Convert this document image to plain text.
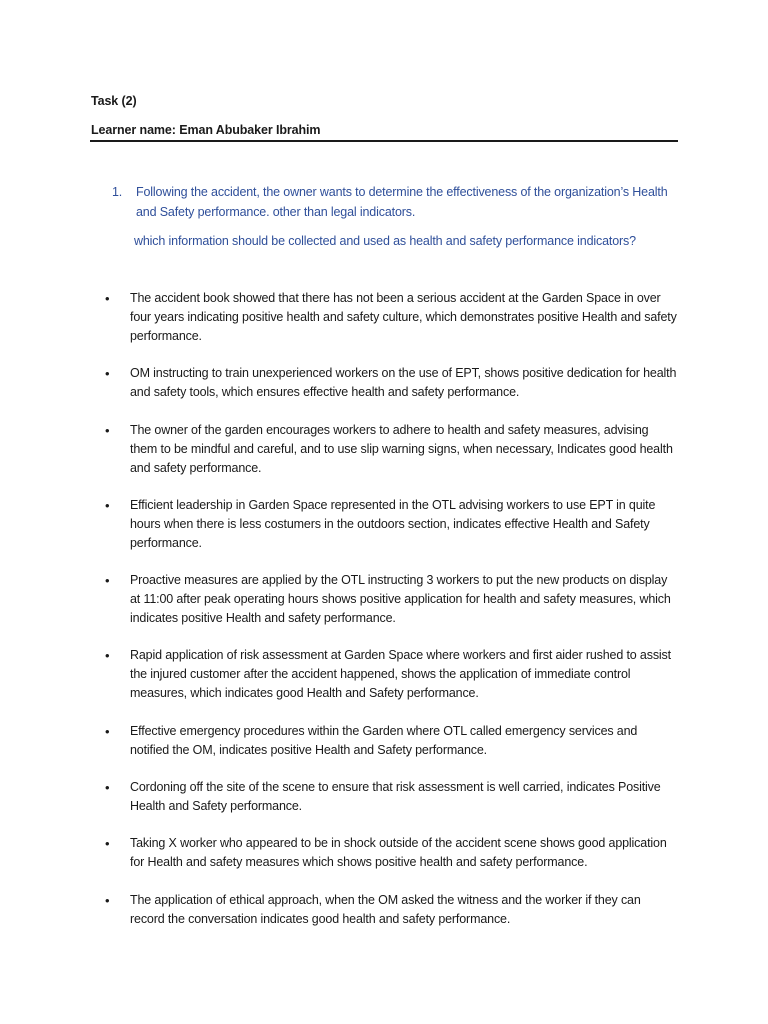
Task (2)
Learner name: Eman Abubaker Ibrahim
1. Following the accident, the owner wants to determine the effectiveness of the organization’s Health and Safety performance. other than legal indicators.
which information should be collected and used as health and safety performance indicators?
• The accident book showed that there has not been a serious accident at the Garden Space in over four years indicating positive health and safety culture, which demonstrates positive Health and safety performance.
• OM instructing to train unexperienced workers on the use of EPT, shows positive dedication for health and safety tools, which ensures effective health and safety performance.
• The owner of the garden encourages workers to adhere to health and safety measures, advising them to be mindful and careful, and to use slip warning signs, when necessary, Indicates good health and safety performance.
• Efficient leadership in Garden Space represented in the OTL advising workers to use EPT in quite hours when there is less costumers in the outdoors section, indicates effective Health and Safety performance.
• Proactive measures are applied by the OTL instructing 3 workers to put the new products on display at 11:00 after peak operating hours shows positive application for health and safety measures, which indicates positive Health and safety performance.
• Rapid application of risk assessment at Garden Space where workers and first aider rushed to assist the injured customer after the accident happened, shows the application of immediate control measures, which indicates good Health and Safety performance.
• Effective emergency procedures within the Garden where OTL called emergency services and notified the OM, indicates positive Health and Safety performance.
• Cordoning off the site of the scene to ensure that risk assessment is well carried, indicates Positive Health and Safety performance.
• Taking X worker who appeared to be in shock outside of the accident scene shows good application for Health and safety measures which shows positive health and safety performance.
• The application of ethical approach, when the OM asked the witness and the worker if they can record the conversation indicates good health and safety performance.
